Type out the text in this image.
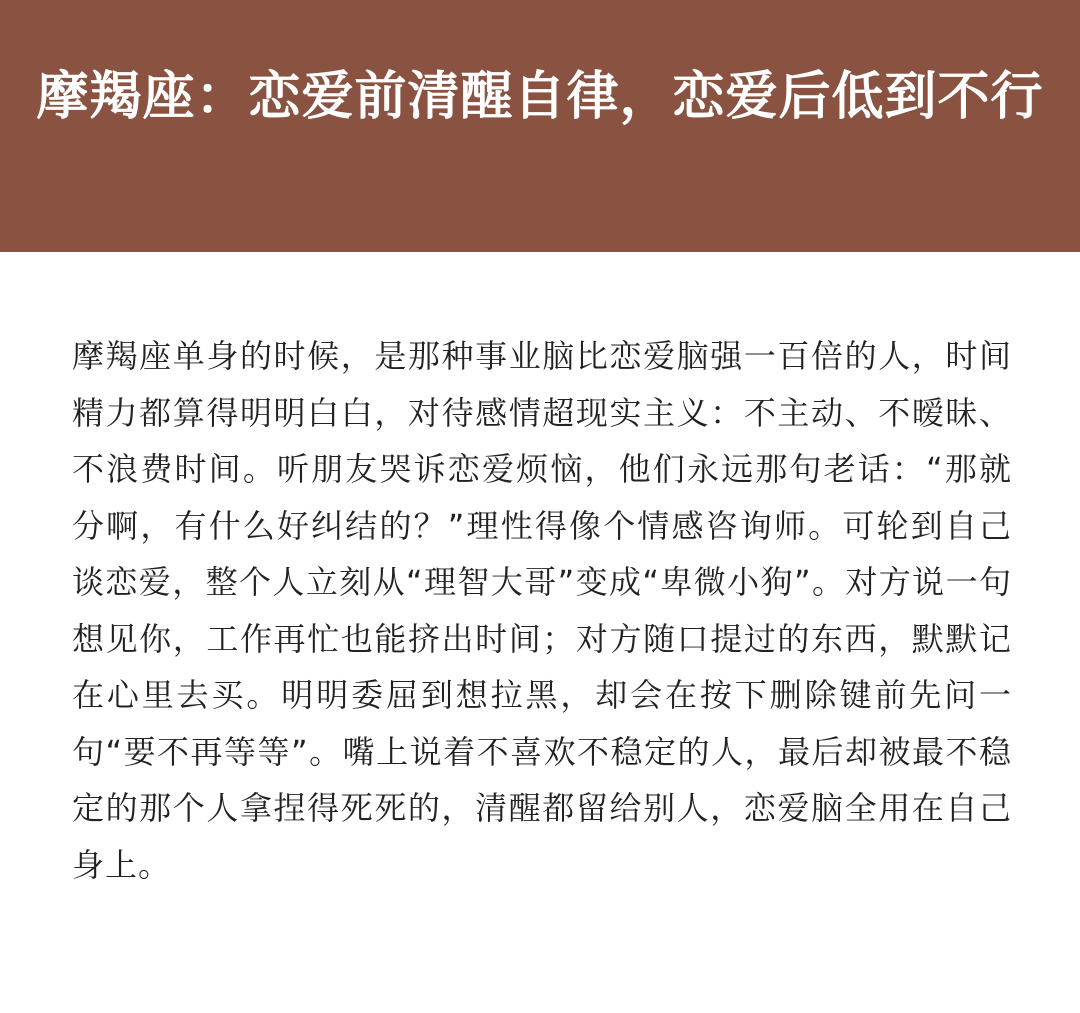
摩羯座：恋爱前清醒自律，恋爱后低到不行

摩羯座单身的时候，是那种事业脑比恋爱脑强一百倍的人，时间精力都算得明明白白，对待感情超现实主义：不主动、不暧昧、不浪费时间。听朋友哭诉恋爱烦恼，他们永远那句老话：“那就分啊，有什么好纠结的？”理性得像个情感咨询师。可轮到自己谈恋爱，整个人立刻从“理智大哥”变成“卑微小狗”。对方说一句想见你，工作再忙也能挤出时间；对方随口提过的东西，默默记在心里去买。明明委屈到想拉黑，却会在按下删除键前先问一句“要不再等等”。嘴上说着不喜欢不稳定的人，最后却被最不稳定的那个人拿捏得死死的，清醒都留给别人，恋爱脑全用在自己身上。
